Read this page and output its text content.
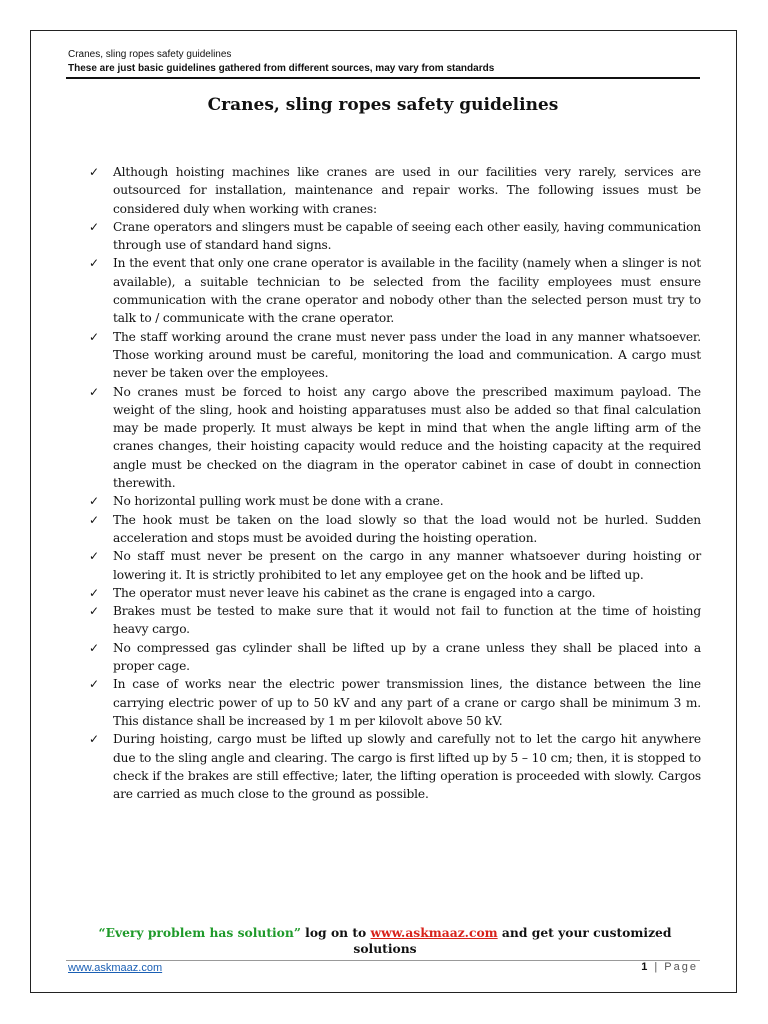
Cranes, sling ropes safety guidelines
These are just basic guidelines gathered from different sources, may vary from standards
Cranes, sling ropes safety guidelines
✓ Although hoisting machines like cranes are used in our facilities very rarely, services are outsourced for installation, maintenance and repair works. The following issues must be considered duly when working with cranes:
✓ Crane operators and slingers must be capable of seeing each other easily, having communication through use of standard hand signs.
✓ In the event that only one crane operator is available in the facility (namely when a slinger is not available), a suitable technician to be selected from the facility employees must ensure communication with the crane operator and nobody other than the selected person must try to talk to / communicate with the crane operator.
✓ The staff working around the crane must never pass under the load in any manner whatsoever. Those working around must be careful, monitoring the load and communication. A cargo must never be taken over the employees.
✓ No cranes must be forced to hoist any cargo above the prescribed maximum payload. The weight of the sling, hook and hoisting apparatuses must also be added so that final calculation may be made properly. It must always be kept in mind that when the angle lifting arm of the cranes changes, their hoisting capacity would reduce and the hoisting capacity at the required angle must be checked on the diagram in the operator cabinet in case of doubt in connection therewith.
✓ No horizontal pulling work must be done with a crane.
✓ The hook must be taken on the load slowly so that the load would not be hurled. Sudden acceleration and stops must be avoided during the hoisting operation.
✓ No staff must never be present on the cargo in any manner whatsoever during hoisting or lowering it. It is strictly prohibited to let any employee get on the hook and be lifted up.
✓ The operator must never leave his cabinet as the crane is engaged into a cargo.
✓ Brakes must be tested to make sure that it would not fail to function at the time of hoisting heavy cargo.
✓ No compressed gas cylinder shall be lifted up by a crane unless they shall be placed into a proper cage.
✓ In case of works near the electric power transmission lines, the distance between the line carrying electric power of up to 50 kV and any part of a crane or cargo shall be minimum 3 m. This distance shall be increased by 1 m per kilovolt above 50 kV.
✓ During hoisting, cargo must be lifted up slowly and carefully not to let the cargo hit anywhere due to the sling angle and clearing. The cargo is first lifted up by 5 – 10 cm; then, it is stopped to check if the brakes are still effective; later, the lifting operation is proceeded with slowly. Cargos are carried as much close to the ground as possible.
“Every problem has solution” log on to www.askmaaz.com and get your customized solutions
www.askmaaz.com	1 | Page
